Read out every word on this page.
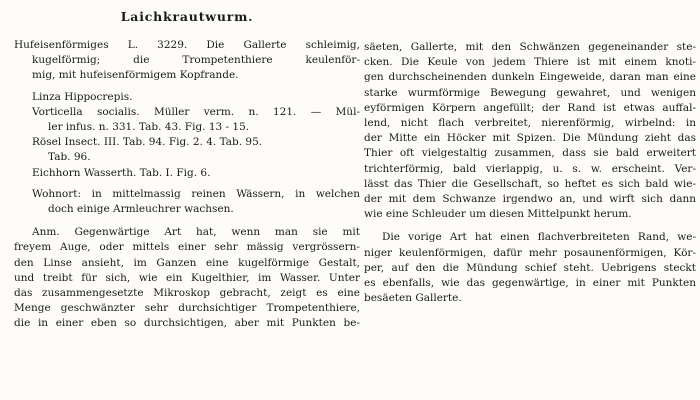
Laichkrautwurm.
Hufeisenförmiges L. 3229. Die Gallerte schleimig,
kugelförmig; die Trompetenthiere keulenför-
mig, mit hufeisenförmigem Kopfrande.
Linza Hippocrepis.
Vorticella socialis. Müller verm. n. 121. — Mül-
ler infus. n. 331. Tab. 43. Fig. 13 - 15.
Rösel Insect. III. Tab. 94. Fig. 2. 4. Tab. 95.
Tab. 96.
Eichhorn Wasserth. Tab. I. Fig. 6.
Wohnort: in mittelmassig reinen Wässern, in welchen
doch einige Armleuchrer wachsen.
Anm. Gegenwärtige Art hat, wenn man sie mit
freyem Auge, oder mittels einer sehr mässig vergrössern-
den Linse ansieht, im Ganzen eine kugelförmige Gestalt,
und treibt für sich, wie ein Kugelthier, im Wasser. Unter
das zusammengesetzte Mikroskop gebracht, zeigt es eine
Menge geschwänzter sehr durchsichtiger Trompetenthiere,
die in einer eben so durchsichtigen, aber mit Punkten be-
säeten, Gallerte, mit den Schwänzen gegeneinander ste-
cken. Die Keule von jedem Thiere ist mit einem knoti-
gen durchscheinenden dunkeln Eingeweide, daran man eine
starke wurmförmige Bewegung gewahret, und wenigen
eyförmigen Körpern angefüllt; der Rand ist etwas auffal-
lend, nicht flach verbreitet, nierenförmig, wirbelnd: in
der Mitte ein Höcker mit Spizen. Die Mündung zieht das
Thier oft vielgestaltig zusammen, dass sie bald erweitert
trichterförmig, bald vierlappig, u. s. w. erscheint. Ver-
lässt das Thier die Gesellschaft, so heftet es sich bald wie-
der mit dem Schwanze irgendwo an, und wirft sich dann
wie eine Schleuder um diesen Mittelpunkt herum.
Die vorige Art hat einen flachverbreiteten Rand, we-
niger keulenförmigen, dafür mehr posaunenförmigen, Kör-
per, auf den die Mündung schief steht. Uebrigens steckt
es ebenfalls, wie das gegenwärtige, in einer mit Punkten
besäeten Gallerte.
